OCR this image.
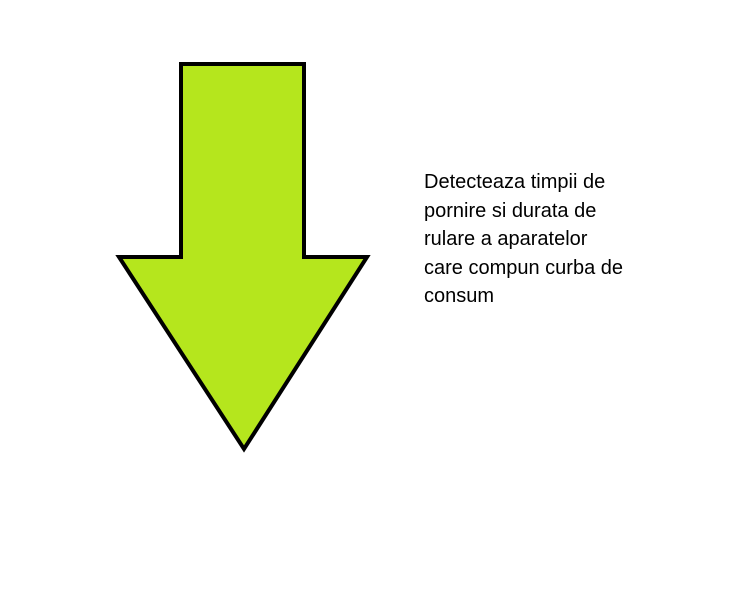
Detecteaza timpii de
pornire si durata de
rulare a aparatelor
care compun curba de
consum
